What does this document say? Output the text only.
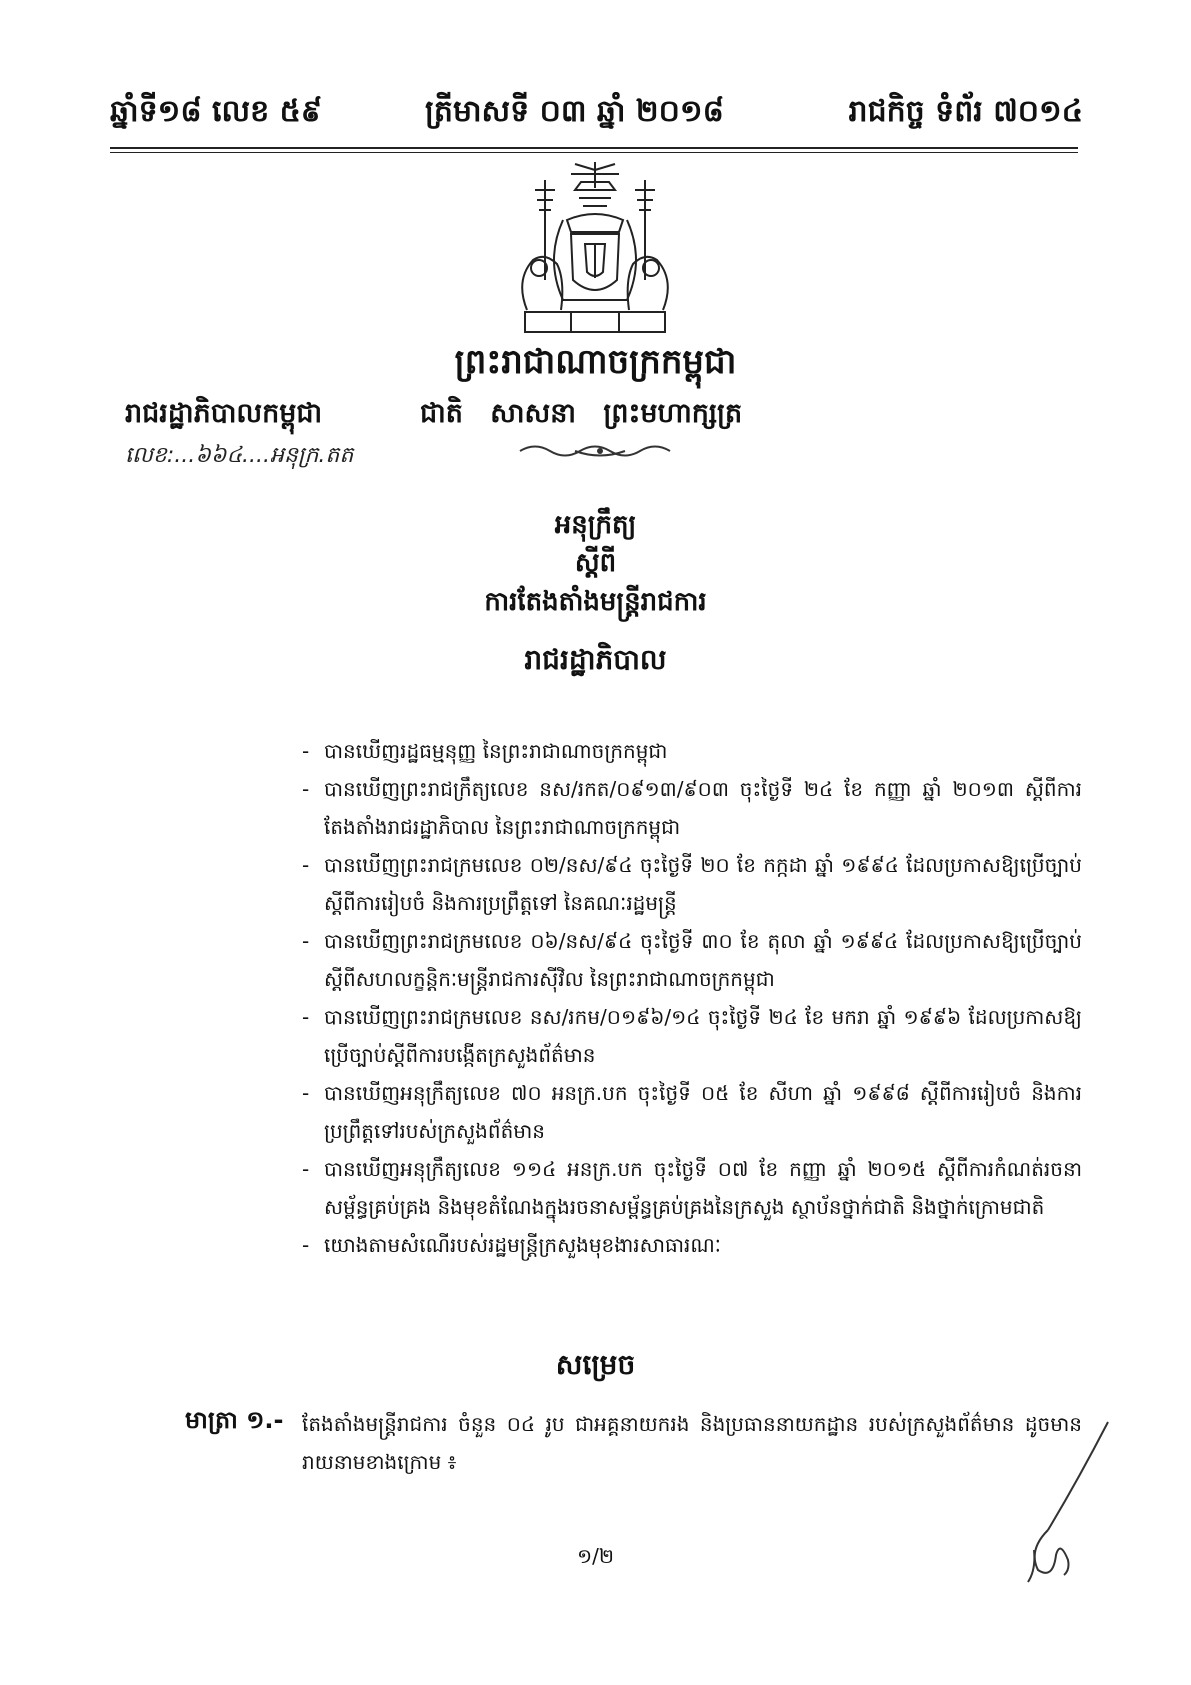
ឆ្នាំទី១៨ លេខ ៥៩	ត្រីមាសទី ០៣ ឆ្នាំ ២០១៨	រាជកិច្ច ទំព័រ ៧០១៤
ព្រះរាជាណាចក្រកម្ពុជា
រាជរដ្ឋាភិបាលកម្ពុជា	ជាតិ សាសនា ព្រះមហាក្សត្រ
លេខ:...៦៦៤....អនុក្រ.តត
អនុក្រឹត្យ
ស្តីពី
ការតែងតាំងមន្ត្រីរាជការ
រាជរដ្ឋាភិបាល
- បានឃើញរដ្ឋធម្មនុញ្ញ នៃព្រះរាជាណាចក្រកម្ពុជា
- បានឃើញព្រះរាជក្រឹត្យលេខ នស/រកត/០៩១៣/៩០៣ ចុះថ្ងៃទី ២៤ ខែ កញ្ញា ឆ្នាំ ២០១៣ ស្តីពីការតែងតាំងរាជរដ្ឋាភិបាល នៃព្រះរាជាណាចក្រកម្ពុជា
- បានឃើញព្រះរាជក្រមលេខ ០២/នស/៩៤ ចុះថ្ងៃទី ២០ ខែ កក្កដា ឆ្នាំ ១៩៩៤ ដែលប្រកាសឱ្យប្រើច្បាប់ស្តីពីការរៀបចំ និងការប្រព្រឹត្តទៅ នៃគណៈរដ្ឋមន្ត្រី
- បានឃើញព្រះរាជក្រមលេខ ០៦/នស/៩៤ ចុះថ្ងៃទី ៣០ ខែ តុលា ឆ្នាំ ១៩៩៤ ដែលប្រកាសឱ្យប្រើច្បាប់ស្តីពីសហលក្ខន្តិកៈមន្ត្រីរាជការស៊ីវិល នៃព្រះរាជាណាចក្រកម្ពុជា
- បានឃើញព្រះរាជក្រមលេខ នស/រកម/០១៩៦/១៤ ចុះថ្ងៃទី ២៤ ខែ មករា ឆ្នាំ ១៩៩៦ ដែលប្រកាសឱ្យប្រើច្បាប់ស្តីពីការបង្កើតក្រសួងព័ត៌មាន
- បានឃើញអនុក្រឹត្យលេខ ៧០ អនក្រ.បក ចុះថ្ងៃទី ០៥ ខែ សីហា ឆ្នាំ ១៩៩៨ ស្តីពីការរៀបចំ និងការប្រព្រឹត្តទៅរបស់ក្រសួងព័ត៌មាន
- បានឃើញអនុក្រឹត្យលេខ ១១៤ អនក្រ.បក ចុះថ្ងៃទី ០៧ ខែ កញ្ញា ឆ្នាំ ២០១៥ ស្តីពីការកំណត់រចនាសម្ព័ន្ធគ្រប់គ្រង និងមុខតំណែងក្នុងរចនាសម្ព័ន្ធគ្រប់គ្រងនៃក្រសួង ស្ថាប័នថ្នាក់ជាតិ និងថ្នាក់ក្រោមជាតិ
- យោងតាមសំណើរបស់រដ្ឋមន្ត្រីក្រសួងមុខងារសាធារណៈ
សម្រេច
មាត្រា ១.- តែងតាំងមន្ត្រីរាជការ ចំនួន ០៤ រូប ជាអគ្គនាយករង និងប្រធាននាយកដ្ឋាន របស់ក្រសួងព័ត៌មាន ដូចមានរាយនាមខាងក្រោម ៖
១/២
